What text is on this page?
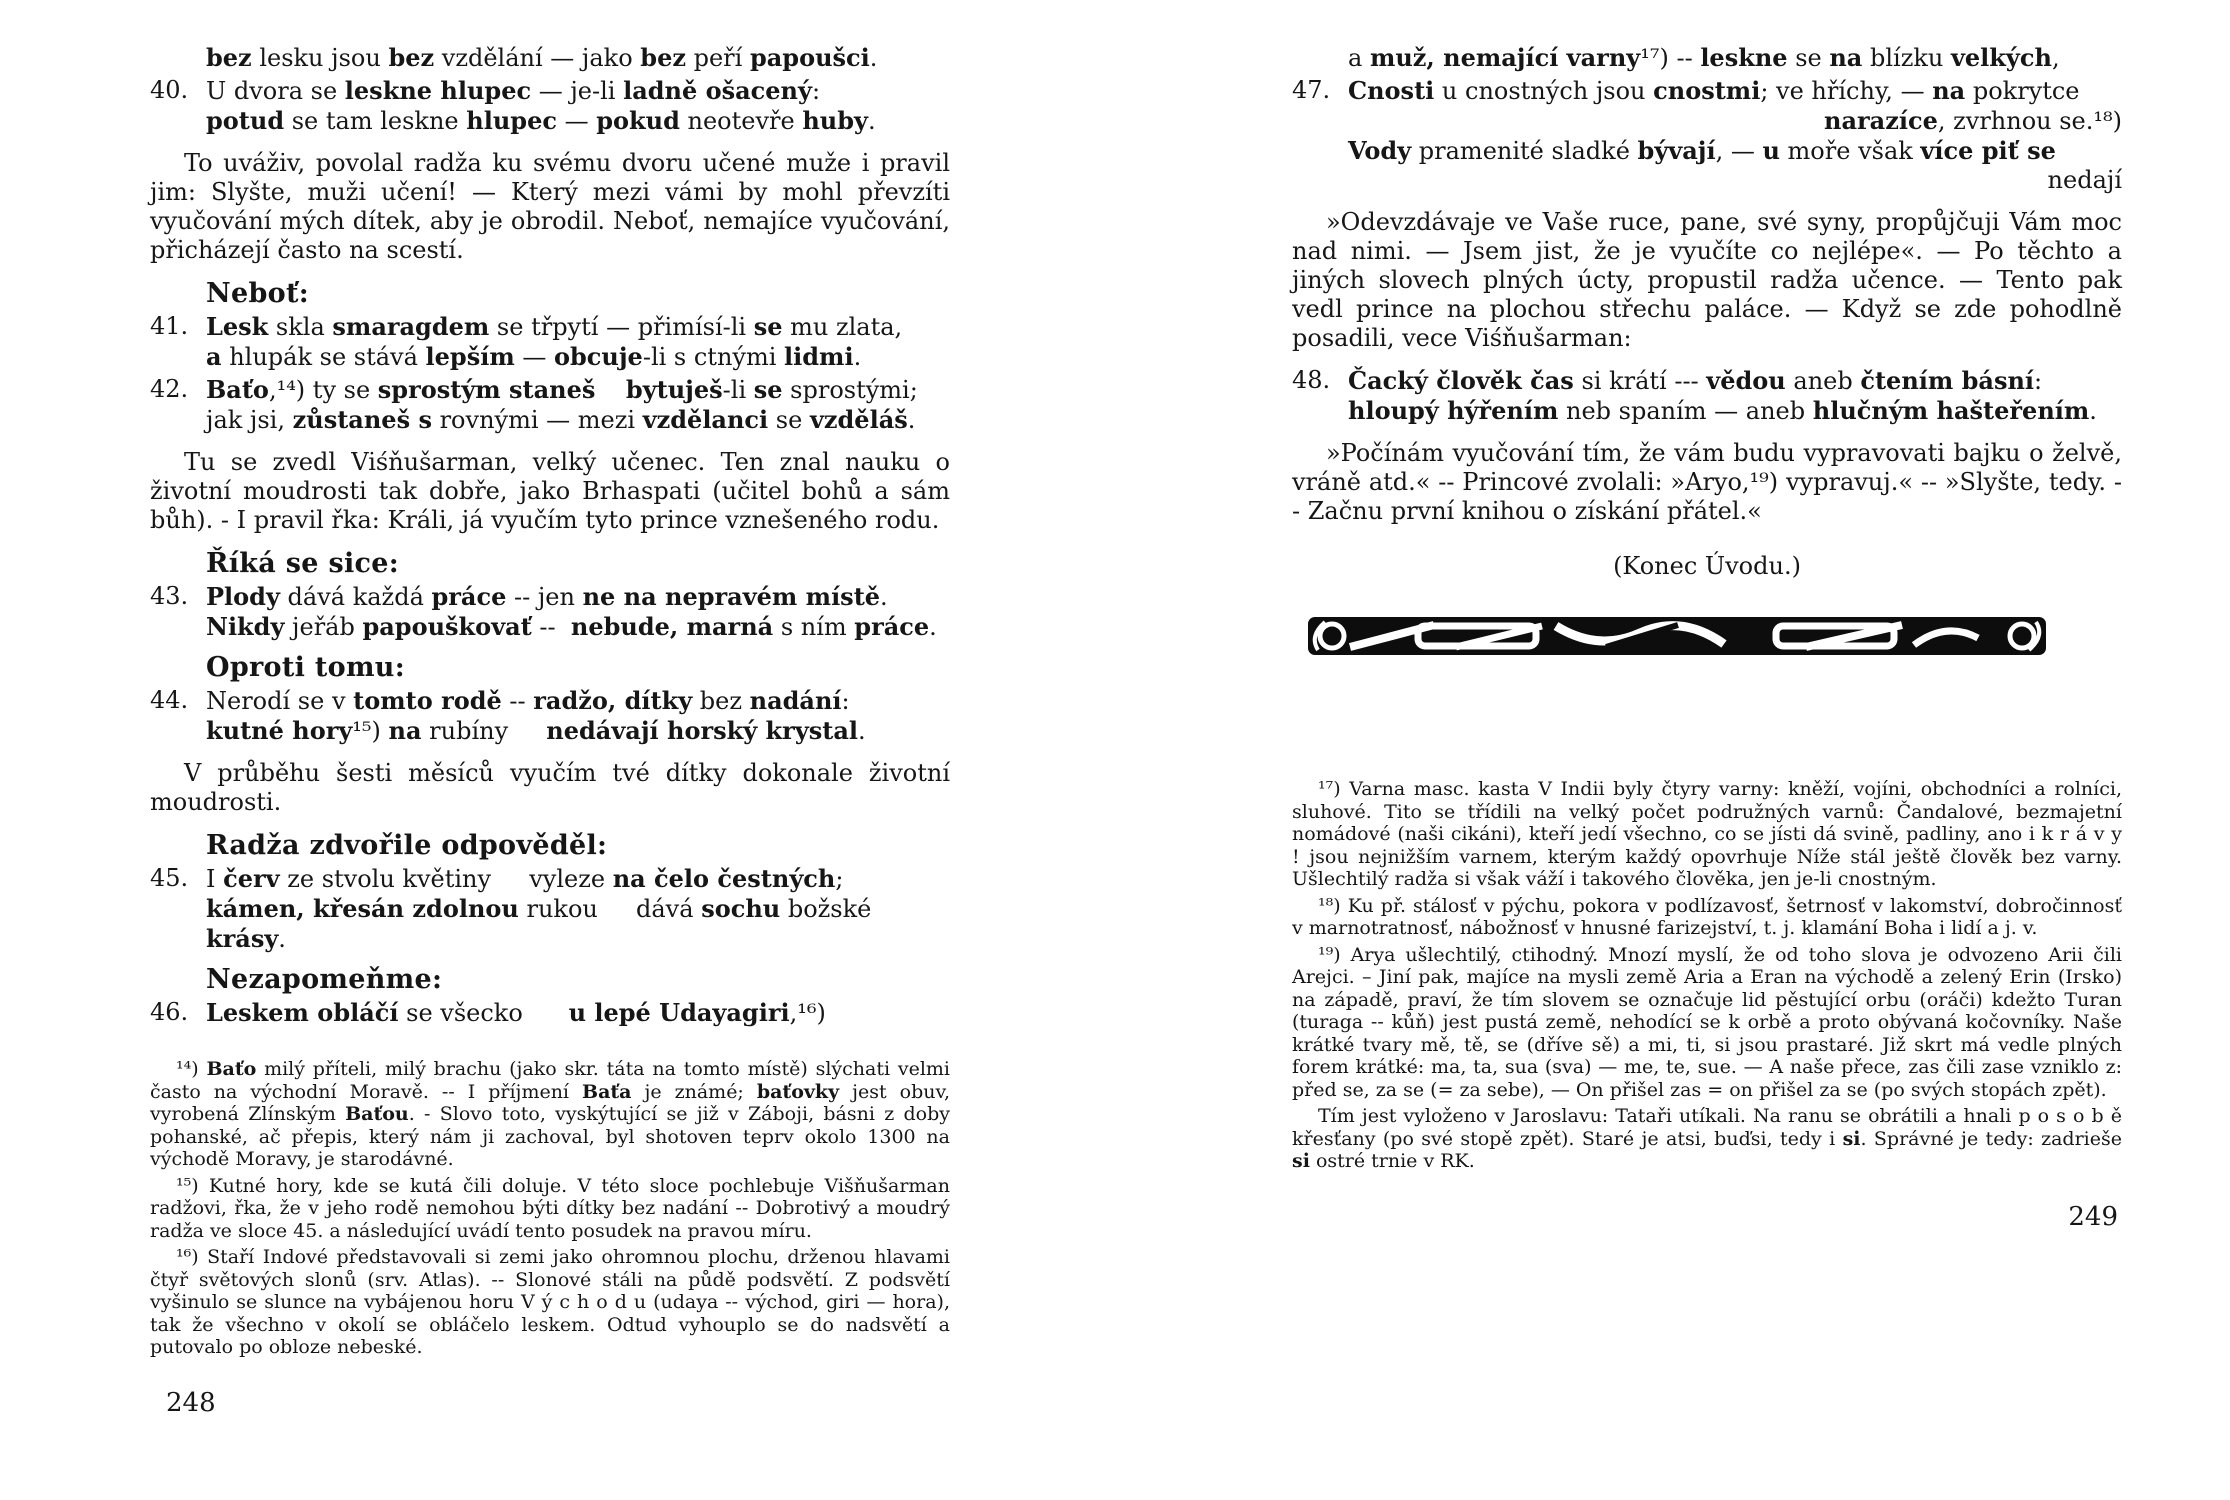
bez lesku jsou bez vzdělání — jako bez peří papoušci.
40. U dvora se leskne hlupec — je-li ladně ošacený:
potud se tam leskne hlupec — pokud neotevře huby.
To uváživ, povolal radža ku svému dvoru učené muže i pravil jim: Slyšte, muži učení! — Který mezi vámi by mohl převzíti vyučování mých dítek, aby je obrodil. Neboť, nemajíce vyučování, přicházejí často na scestí.
Neboť:
41. Lesk skla smaragdem se třpytí — přimísí-li se mu zlata,
a hlupák se stává lepším — obcuje-li s ctnými lidmi.
42. Baťo,¹⁴) ty se sprostým staneš bytuješ-li se sprostými;
jak jsi, zůstaneš s rovnými — mezi vzdělanci se vzděláš.
Tu se zvedl Viśňušarman, velký učenec. Ten znal nauku o životní moudrosti tak dobře, jako Brhaspati (učitel bohů a sám bůh). - I pravil řka: Králi, já vyučím tyto prince vznešeného rodu.
Říká se sice:
43. Plody dává každá práce -- jen ne na nepravém místě.
Nikdy jeřáb papouškovať --  nebude, marná s ním práce.
Oproti tomu:
44. Nerodí se v tomto rodě -- radžo, dítky bez nadání:
kutné hory¹⁵) na rubíny     nedávají horský krystal.
V průběhu šesti měsíců vyučím tvé dítky dokonale životní moudrosti.
Radža zdvořile odpověděl:
45. I červ ze stvolu květiny     vyleze na čelo čestných;
kámen, křesán zdolnou rukou     dává sochu božské krásy.
Nezapomeňme:
46. Leskem obláčí se všecko      u lepé Udayagiri,¹⁶)
¹⁴) Baťo milý příteli, milý brachu (jako skr. táta na tomto místě) slýchati velmi často na východní Moravě. -- I příjmení Baťa je známé; baťovky jest obuv, vyrobená Zlínským Baťou. - Slovo toto, vyskýtující se již v Záboji, básni z doby pohanské, ač přepis, který nám ji zachoval, byl shotoven teprv okolo 1300 na východě Moravy, je starodávné.
¹⁵) Kutné hory, kde se kutá čili doluje. V této sloce pochlebuje Višňušarman radžovi, řka, že v jeho rodě nemohou býti dítky bez nadání -- Dobrotivý a moudrý radža ve sloce 45. a následující uvádí tento posudek na pravou míru.
¹⁶) Staří Indové představovali si zemi jako ohromnou plochu, drženou hlavami čtyř světových slonů (srv. Atlas). -- Slonové stáli na půdě podsvětí. Z podsvětí vyšinulo se slunce na vybájenou horu V ý c h o d u (udaya -- východ, giri — hora), tak že všechno v okolí se obláčelo leskem. Odtud vyhouplo se do nadsvětí a putovalo po obloze nebeské.
248
a muž, nemající varny¹⁷) -- leskne se na blízku velkých,
47. Cnosti u cnostných jsou cnostmi; ve hříchy, — na pokrytce
narazíce, zvrhnou se.¹⁸)
Vody pramenité sladké bývají, — u moře však více piť se
nedají
»Odevzdávaje ve Vaše ruce, pane, své syny, propůjčuji Vám moc nad nimi. — Jsem jist, že je vyučíte co nejlépe«. — Po těchto a jiných slovech plných úcty, propustil radža učence. — Tento pak vedl prince na plochou střechu paláce. — Když se zde pohodlně posadili, vece Viśňušarman:
48. Čacký člověk čas si krátí --- vědou aneb čtením básní:
hloupý hýřením neb spaním — aneb hlučným hašteřením.
»Počínám vyučování tím, že vám budu vypravovati bajku o želvě, vráně atd.« -- Princové zvolali: »Aryo,¹⁹) vypravuj.« -- »Slyšte, tedy. -- Začnu první knihou o získání přátel.«
(Konec Úvodu.)
¹⁷) Varna masc. kasta V Indii byly čtyry varny: kněží, vojíni, obchodníci a rolníci, sluhové. Tito se třídili na velký počet podružných varnů: Čandalové, bezmajetní nomádové (naši cikáni), kteří jedí všechno, co se jísti dá svině, padliny, ano i k r á v y ! jsou nejnižším varnem, kterým každý opovrhuje Níže stál ještě člověk bez varny. Ušlechtilý radža si však váží i takového člověka, jen je-li cnostným.
¹⁸) Ku př. stálosť v pýchu, pokora v podlízavosť, šetrnosť v lakomství, dobročinnosť v marnotratnosť, nábožnosť v hnusné farizejství, t. j. klamání Boha i lidí a j. v.
¹⁹) Arya ušlechtilý, ctihodný. Mnozí myslí, že od toho slova je odvozeno Arii čili Arejci. – Jiní pak, majíce na mysli země Aria a Eran na východě a zelený Erin (Irsko) na západě, praví, že tím slovem se označuje lid pěstující orbu (oráči) kdežto Turan (turaga -- kůň) jest pustá země, nehodící se k orbě a proto obývaná kočovníky. Naše krátké tvary mě, tě, se (dříve sě) a mi, ti, si jsou prastaré. Již skrt má vedle plných forem krátké: ma, ta, sua (sva) — me, te, sue. — A naše přece, zas čili zase vzniklo z: před se, za se (= za sebe), — On přišel zas = on přišel za se (po svých stopách zpět).
Tím jest vyloženo v Jaroslavu: Tataři utíkali. Na ranu se obrátili a hnali p o s o b ě křesťany (po své stopě zpět). Staré je atsi, buďsi, tedy i si. Správné je tedy: zadrieše si ostré trnie v RK.
249
